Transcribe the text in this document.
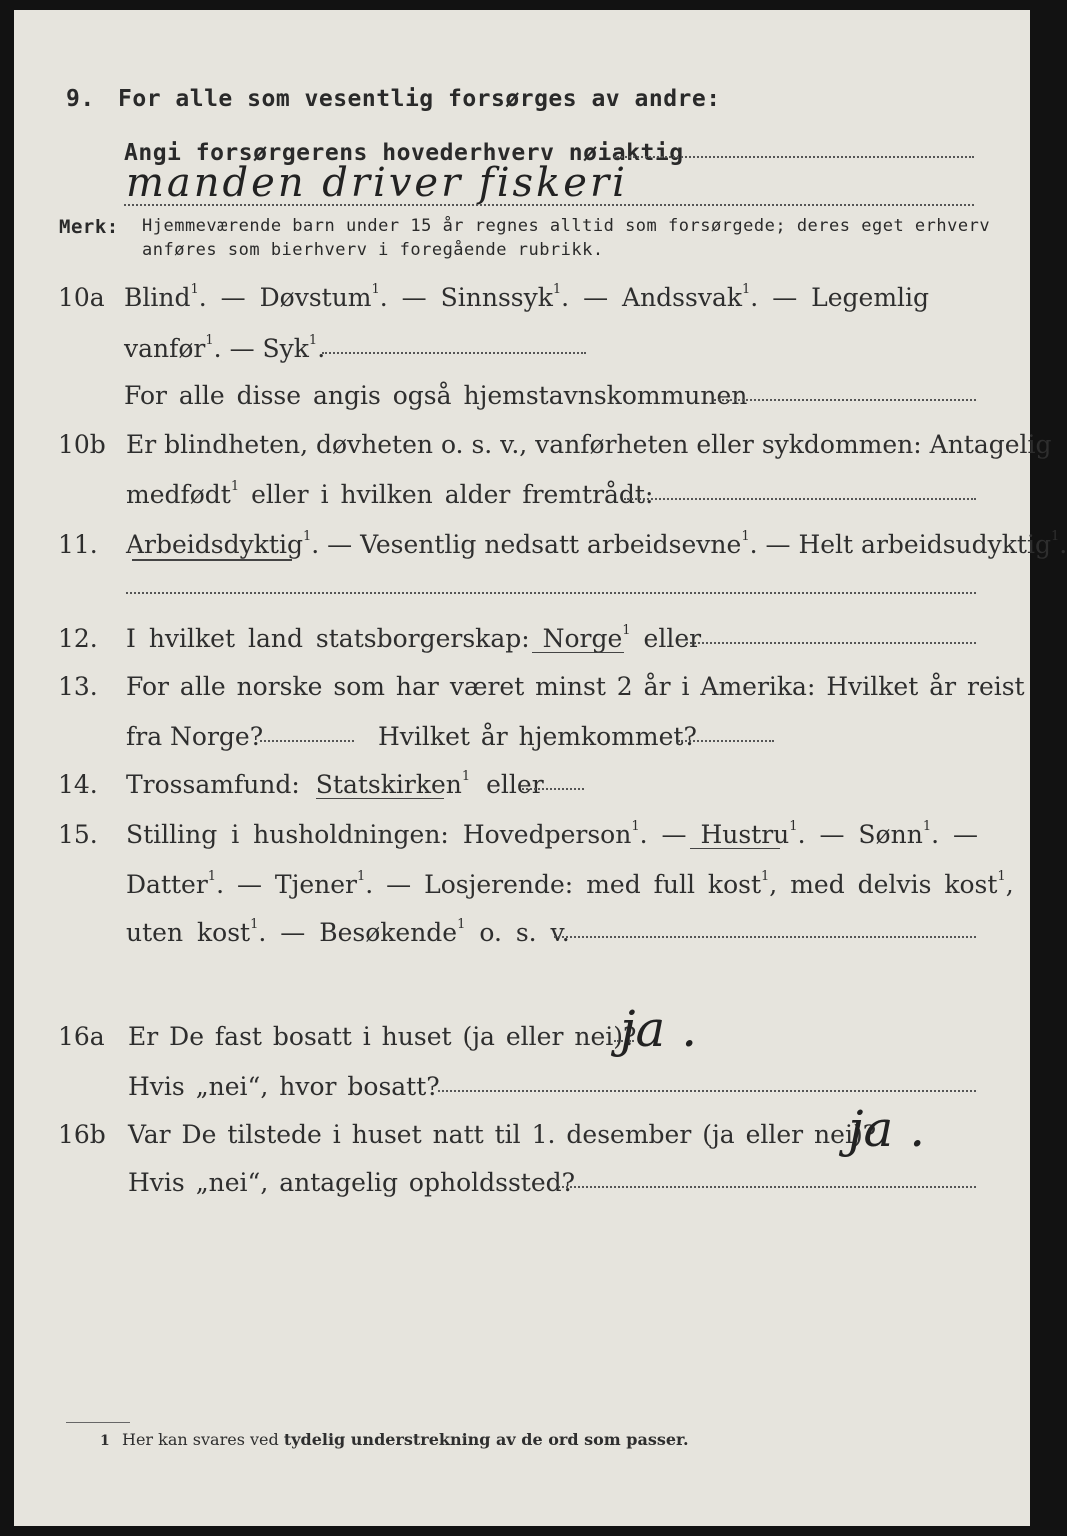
9. For alle som vesentlig forsørges av andre:
Angi forsørgerens hovederhverv nøiaktig
manden driver fiskeri
Merk: Hjemmeværende barn under 15 år regnes alltid som forsørgede; deres eget erhverv
anføres som bierhverv i foregående rubrikk.
10a Blind$^1$. — Døvstum$^1$. — Sinnssyk$^1$. — Andssvak$^1$. — Legemlig
vanfør$^1$. — Syk$^1$.
For alle disse angis også hjemstavnskommunen
10b Er blindheten, døvheten o. s. v., vanførheten eller sykdommen: Antagelig
medfødt$^1$ eller i hvilken alder fremtrådt:
11. Arbeidsdyktig$^1$. — Vesentlig nedsatt arbeidsevne$^1$. — Helt arbeidsudyktig$^1$.
12. I hvilket land statsborgerskap: Norge$^1$ eller
13. For alle norske som har været minst 2 år i Amerika: Hvilket år reist
fra Norge?	Hvilket år hjemkommet?
14. Trossamfund: Statskirken$^1$ eller
15. Stilling i husholdningen: Hovedperson$^1$. — Hustru$^1$. — Sønn$^1$. —
Datter$^1$. — Tjener$^1$. — Losjerende: med full kost$^1$, med delvis kost$^1$,
uten kost$^1$. — Besøkende$^1$ o. s. v.
16a Er De fast bosatt i huset (ja eller nei)?
ja .
Hvis „nei“, hvor bosatt?
16b Var De tilstede i huset natt til 1. desember (ja eller nei)?
ja .
Hvis „nei“, antagelig opholdssted?
1 Her kan svares ved tydelig understrekning av de ord som passer.
